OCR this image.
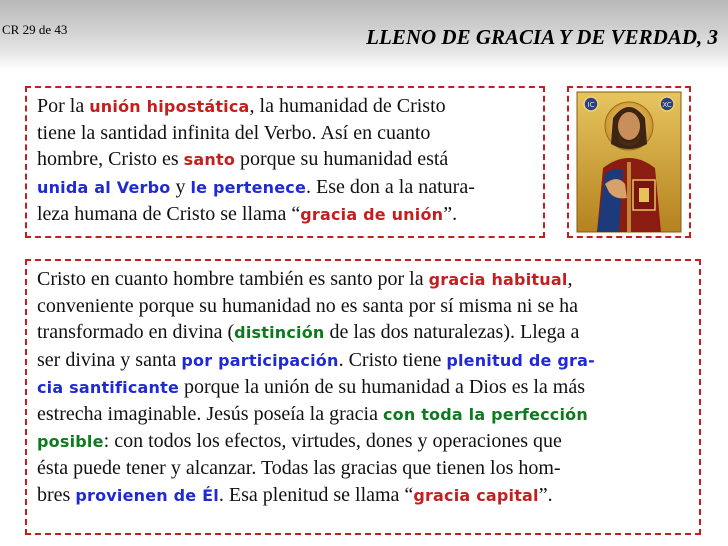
CR 29 de 43	LLENO DE GRACIA Y DE VERDAD, 3

Por la unión hipostática, la humanidad de Cristo

tiene la santidad infinita del Verbo. Así en cuanto

hombre, Cristo es santo porque su humanidad está

unida al Verbo y le pertenece. Ese don a la natura-

leza humana de Cristo se llama “gracia de unión”.

IC	XC

Cristo en cuanto hombre también es santo por la gracia habitual,

conveniente porque su humanidad no es santa por sí misma ni se ha

transformado en divina (distinción de las dos naturalezas). Llega a

ser divina y santa por participación. Cristo tiene plenitud de gra-

cia santificante porque la unión de su humanidad a Dios es la más

estrecha imaginable. Jesús poseía la gracia con toda la perfección

posible: con todos los efectos, virtudes, dones y operaciones que

ésta puede tener y alcanzar. Todas las gracias que tienen los hom-

bres provienen de Él. Esa plenitud se llama “gracia capital”.
